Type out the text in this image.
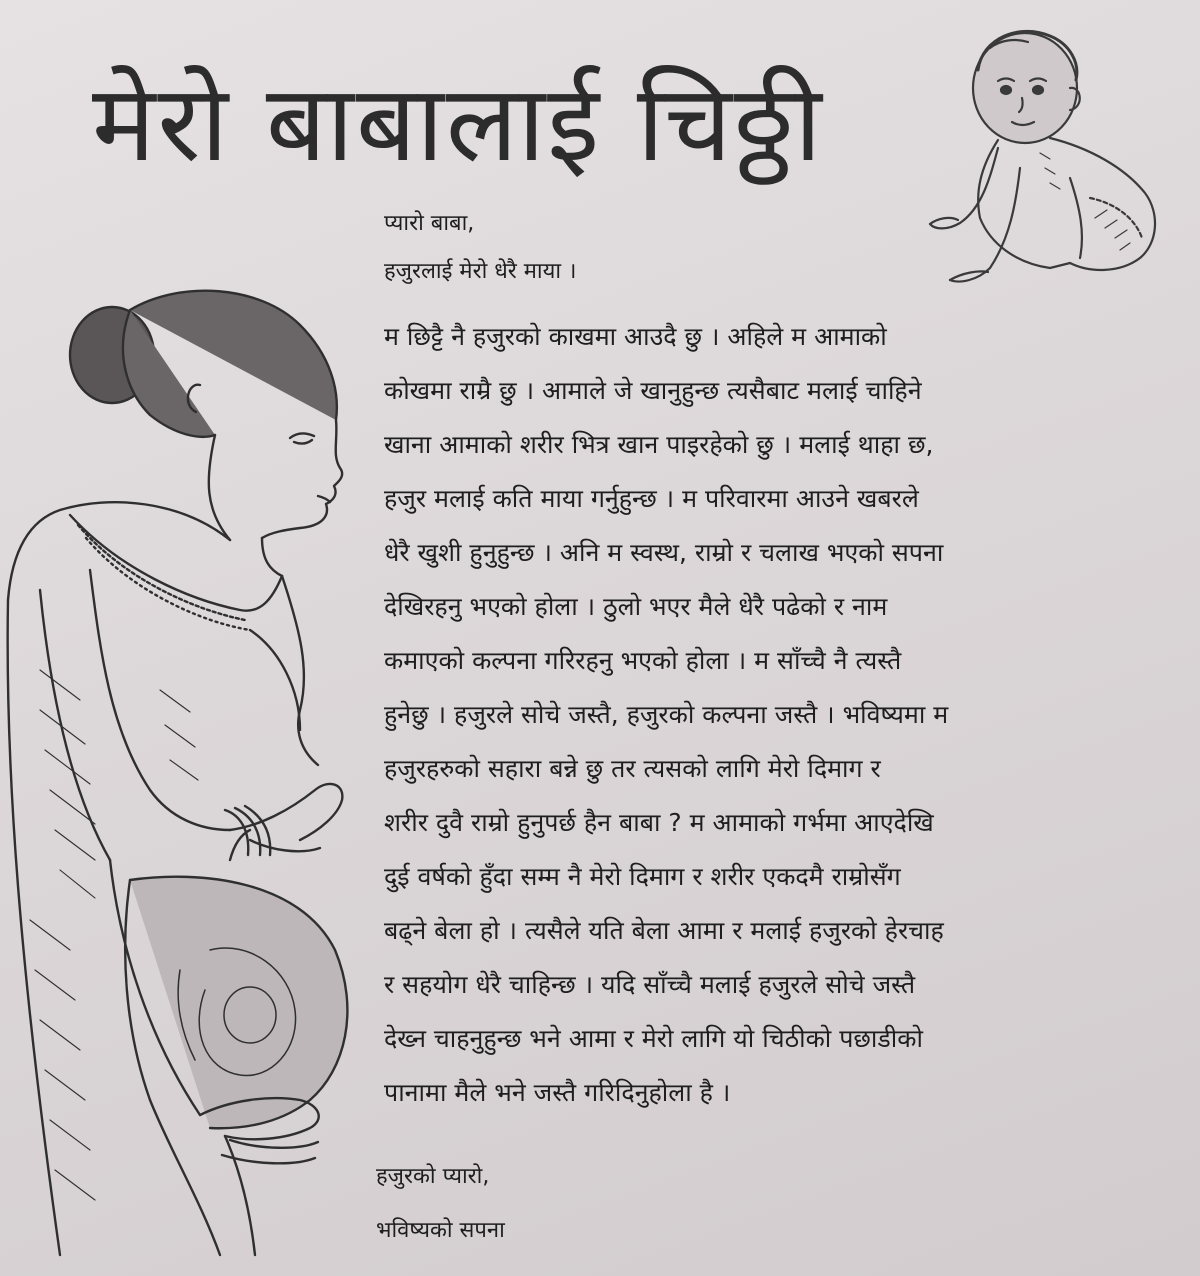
मेरो बाबालाई चिठ्ठी
प्यारो बाबा,
हजुरलाई मेरो धेरै माया ।
म छिट्टै नै हजुरको काखमा आउदै छु । अहिले म आमाको
कोखमा राम्रै छु । आमाले जे खानुहुन्छ त्यसैबाट मलाई चाहिने
खाना आमाको शरीर भित्र खान पाइरहेको छु । मलाई थाहा छ,
हजुर मलाई कति माया गर्नुहुन्छ । म परिवारमा आउने खबरले
धेरै खुशी हुनुहुन्छ । अनि म स्वस्थ, राम्रो र चलाख भएको सपना
देखिरहनु भएको होला । ठुलो भएर मैले धेरै पढेको र नाम
कमाएको कल्पना गरिरहनु भएको होला । म साँच्चै नै त्यस्तै
हुनेछु । हजुरले सोचे जस्तै, हजुरको कल्पना जस्तै । भविष्यमा म
हजुरहरुको सहारा बन्ने छु तर त्यसको लागि मेरो दिमाग र
शरीर दुवै राम्रो हुनुपर्छ हैन बाबा ? म आमाको गर्भमा आएदेखि
दुई वर्षको हुँदा सम्म नै मेरो दिमाग र शरीर एकदमै राम्रोसँग
बढ्ने बेला हो । त्यसैले यति बेला आमा र मलाई हजुरको हेरचाह
र सहयोग धेरै चाहिन्छ । यदि साँच्चै मलाई हजुरले सोचे जस्तै
देख्न चाहनुहुन्छ भने आमा र मेरो लागि यो चिठीको पछाडीको
पानामा मैले भने जस्तै गरिदिनुहोला है ।
हजुरको प्यारो,
भविष्यको सपना
